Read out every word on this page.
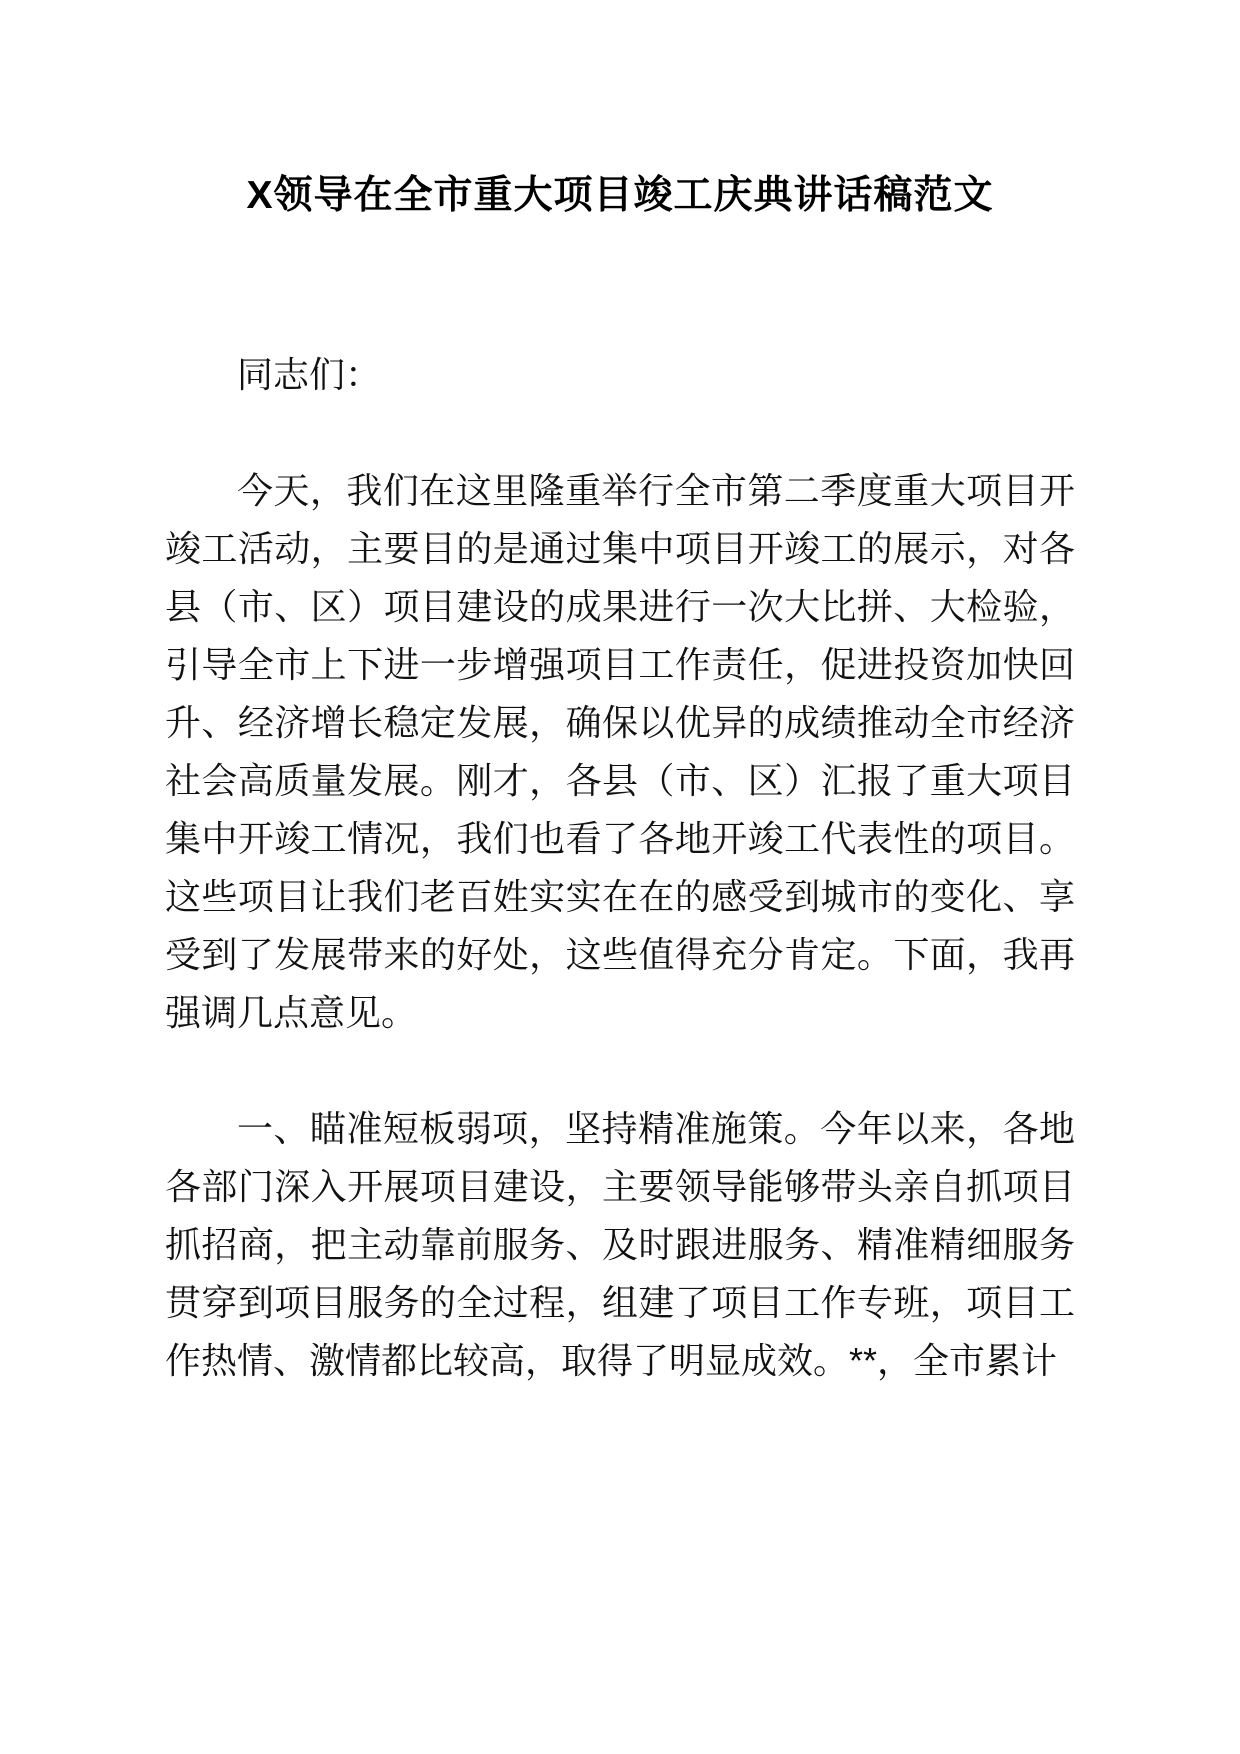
X领导在全市重大项目竣工庆典讲话稿范文

同志们：

今天，我们在这里隆重举行全市第二季度重大项目开竣工活动，主要目的是通过集中项目开竣工的展示，对各县（市、区）项目建设的成果进行一次大比拼、大检验，引导全市上下进一步增强项目工作责任，促进投资加快回升、经济增长稳定发展，确保以优异的成绩推动全市经济社会高质量发展。刚才，各县（市、区）汇报了重大项目集中开竣工情况，我们也看了各地开竣工代表性的项目。这些项目让我们老百姓实实在在的感受到城市的变化、享受到了发展带来的好处，这些值得充分肯定。下面，我再强调几点意见。

一、瞄准短板弱项，坚持精准施策。今年以来，各地各部门深入开展项目建设，主要领导能够带头亲自抓项目抓招商，把主动靠前服务、及时跟进服务、精准精细服务贯穿到项目服务的全过程，组建了项目工作专班，项目工作热情、激情都比较高，取得了明显成效。**，全市累计
